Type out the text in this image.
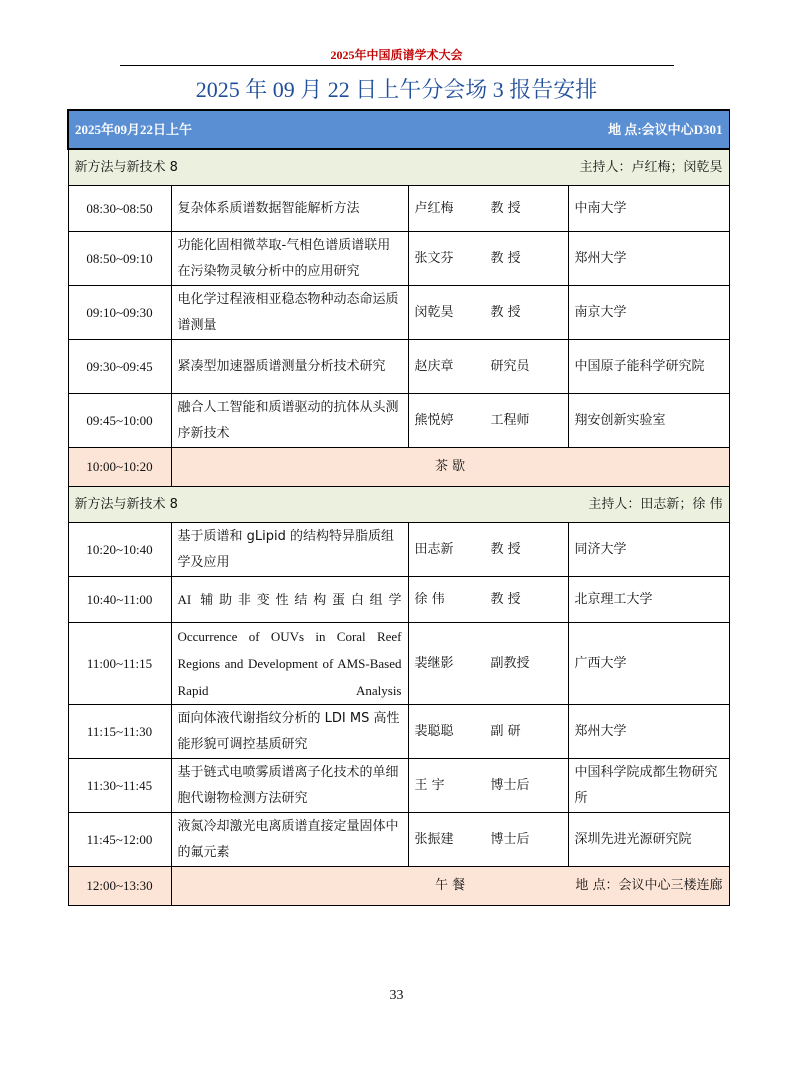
2025年中国质谱学术大会
2025 年 09 月 22 日上午分会场 3 报告安排
2025年09月22日上午 地 点:会议中心D301			

新方法与新技术 8 主持人：卢红梅；闵乾昊			

08:30~08:50	复杂体系质谱数据智能解析方法	卢红梅 教 授	中南大学
08:50~09:10	功能化固相微萃取-气相色谱质谱联用在污染物灵敏分析中的应用研究	张文芬 教 授	郑州大学
09:10~09:30	电化学过程液相亚稳态物种动态命运质谱测量	闵乾昊 教 授	南京大学
09:30~09:45	紧凑型加速器质谱测量分析技术研究	赵庆章 研究员	中国原子能科学研究院
09:45~10:00	融合人工智能和质谱驱动的抗体从头测序新技术	熊悦婷 工程师	翔安创新实验室
10:00~10:20	茶 歇		

新方法与新技术 8 主持人：田志新；徐 伟			

10:20~10:40	基于质谱和 gLipid 的结构特异脂质组学及应用	田志新 教 授	同济大学
10:40~11:00	AI 辅助非变性结构蛋白组学	徐 伟 教 授	北京理工大学
11:00~11:15	Occurrence of OUVs in Coral Reef Regions and Development of AMS-Based Rapid Analysis	裴继影 副教授	广西大学
11:15~11:30	面向体液代谢指纹分析的 LDI MS 高性能形貌可调控基质研究	裴聪聪 副 研	郑州大学
11:30~11:45	基于链式电喷雾质谱离子化技术的单细胞代谢物检测方法研究	王 宇 博士后	中国科学院成都生物研究所
11:45~12:00	液氮冷却激光电离质谱直接定量固体中的氟元素	张振建 博士后	深圳先进光源研究院
12:00~13:30	午 餐 地 点：会议中心三楼连廊		
33
